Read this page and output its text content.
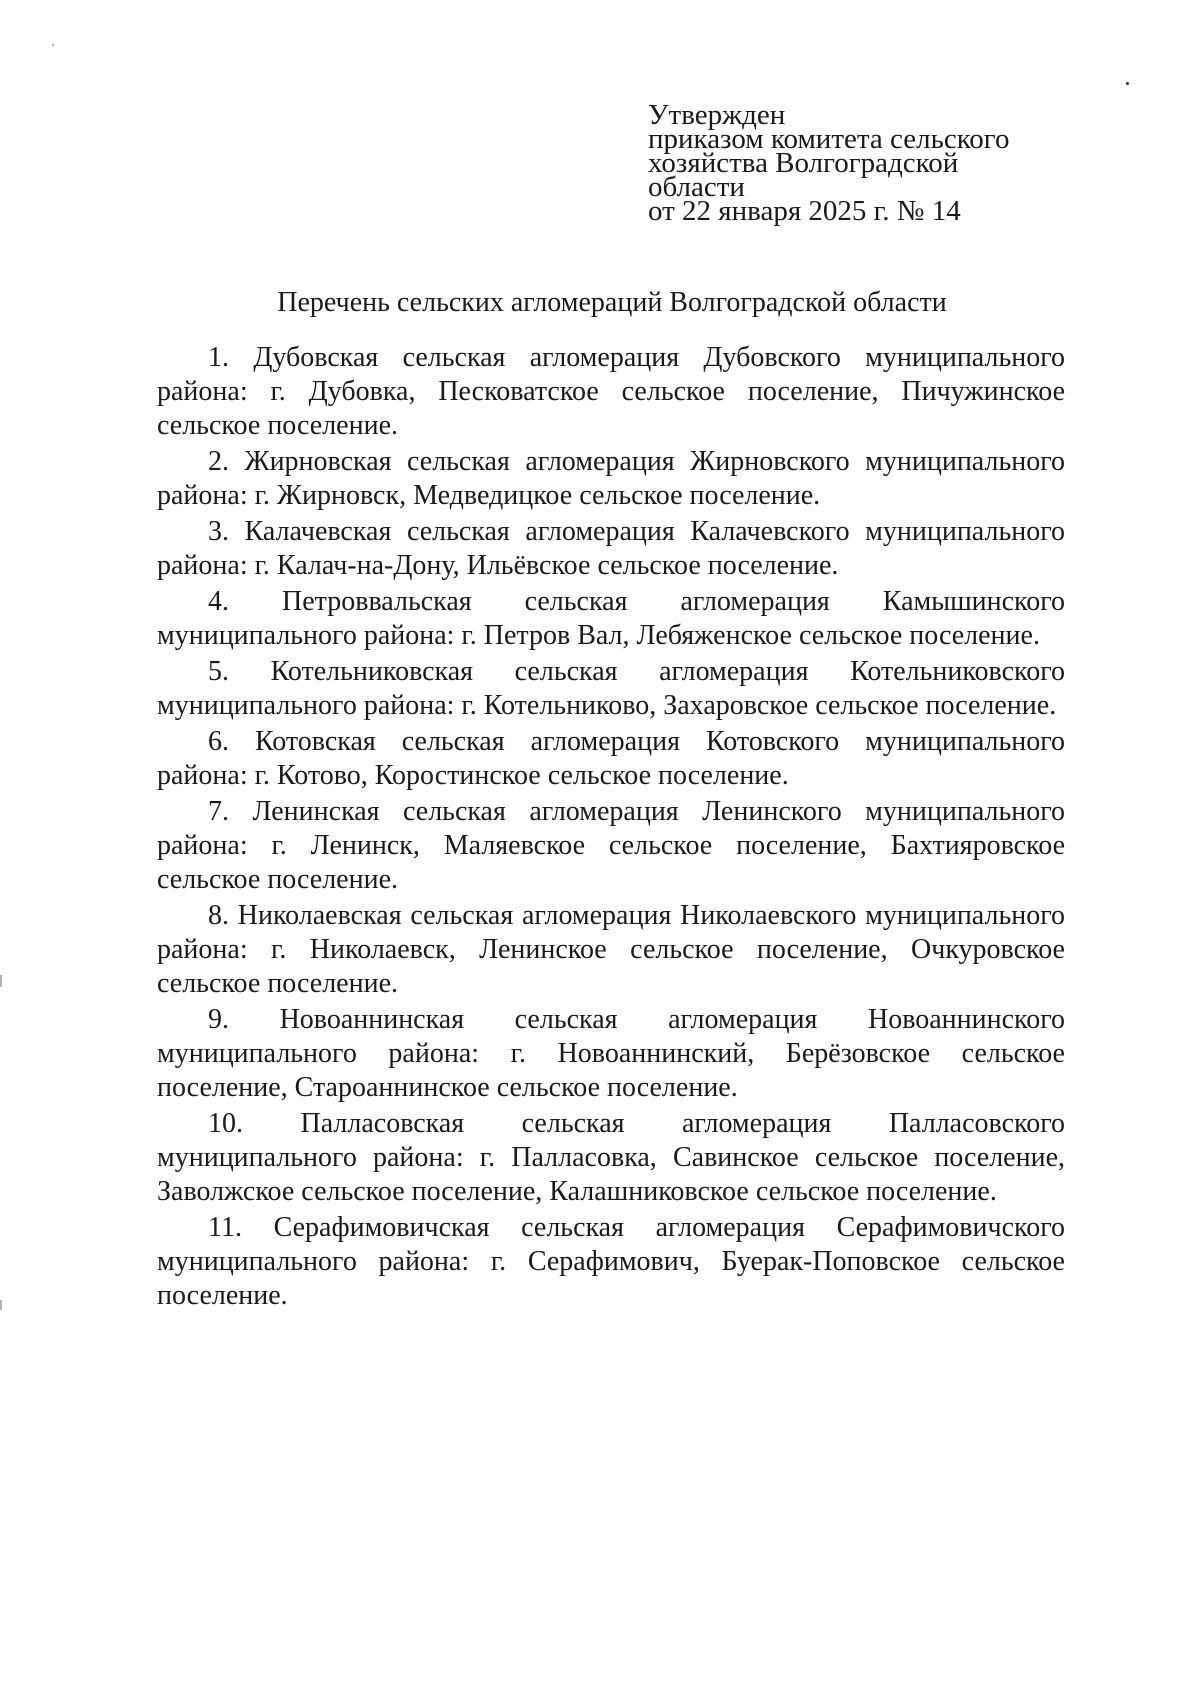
Утвержден
приказом комитета сельского
хозяйства Волгоградской
области
от 22 января 2025 г. № 14
Перечень сельских агломераций Волгоградской области

1. Дубовская сельская агломерация Дубовского муниципального района: г. Дубовка, Песковатское сельское поселение, Пичужинское сельское поселение.

2. Жирновская сельская агломерация Жирновского муниципального района: г. Жирновск, Медведицкое сельское поселение.

3. Калачевская сельская агломерация Калачевского муниципального района: г. Калач-на-Дону, Ильёвское сельское поселение.

4. Петроввальская сельская агломерация Камышинского муниципального района: г. Петров Вал, Лебяженское сельское поселение.

5. Котельниковская сельская агломерация Котельниковского муниципального района: г. Котельниково, Захаровское сельское поселение.

6. Котовская сельская агломерация Котовского муниципального района: г. Котово, Коростинское сельское поселение.

7. Ленинская сельская агломерация Ленинского муниципального района: г. Ленинск, Маляевское сельское поселение, Бахтияровское сельское поселение.

8. Николаевская сельская агломерация Николаевского муниципального района: г. Николаевск, Ленинское сельское поселение, Очкуровское сельское поселение.

9. Новоаннинская сельская агломерация Новоаннинского муниципального района: г. Новоаннинский, Берёзовское сельское поселение, Староаннинское сельское поселение.

10. Палласовская сельская агломерация Палласовского муниципального района: г. Палласовка, Савинское сельское поселение, Заволжское сельское поселение, Калашниковское сельское поселение.

11. Серафимовичская сельская агломерация Серафимовичского муниципального района: г. Серафимович, Буерак-Поповское сельское поселение.
